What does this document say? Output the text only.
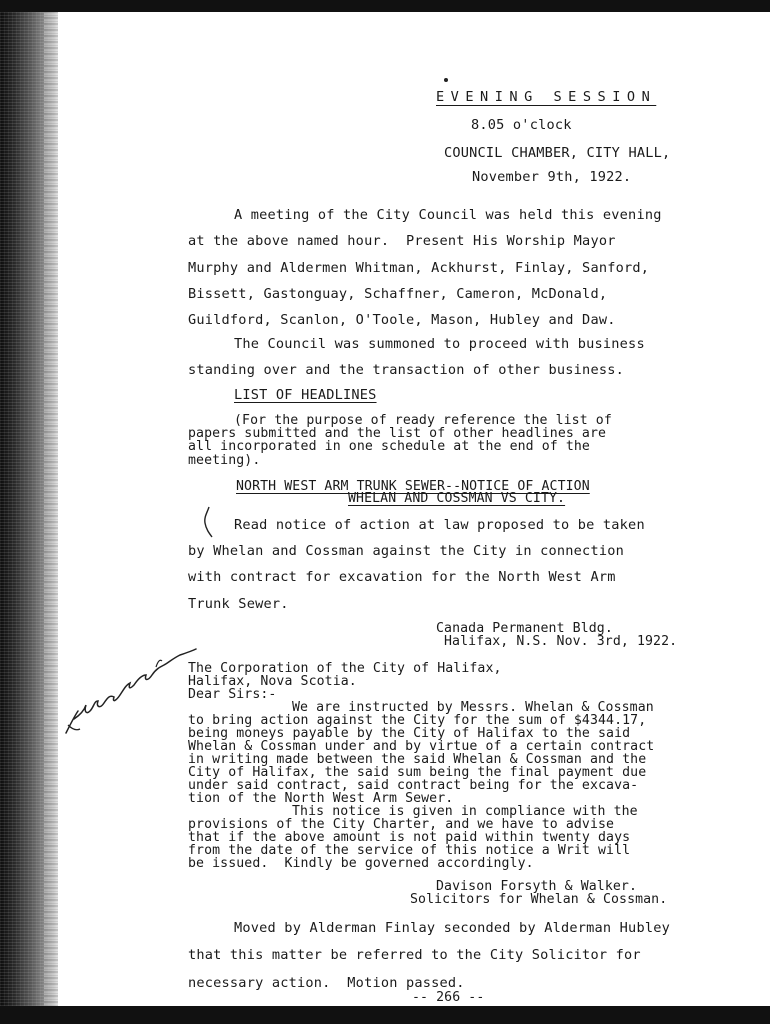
EVENING SESSION
8.05 o'clock
COUNCIL CHAMBER, CITY HALL,
November 9th, 1922.
A meeting of the City Council was held this evening
at the above named hour.  Present His Worship Mayor
Murphy and Aldermen Whitman, Ackhurst, Finlay, Sanford,
Bissett, Gastonguay, Schaffner, Cameron, McDonald,
Guildford, Scanlon, O'Toole, Mason, Hubley and Daw.
The Council was summoned to proceed with business
standing over and the transaction of other business.
LIST OF HEADLINES
(For the purpose of ready reference the list of
papers submitted and the list of other headlines are
all incorporated in one schedule at the end of the
meeting).
NORTH WEST ARM TRUNK SEWER--NOTICE OF ACTION
WHELAN AND COSSMAN VS CITY.
Read notice of action at law proposed to be taken
by Whelan and Cossman against the City in connection
with contract for excavation for the North West Arm
Trunk Sewer.
Canada Permanent Bldg.
Halifax, N.S. Nov. 3rd, 1922.
The Corporation of the City of Halifax,
Halifax, Nova Scotia.
Dear Sirs:-
We are instructed by Messrs. Whelan & Cossman
to bring action against the City for the sum of $4344.17,
being moneys payable by the City of Halifax to the said
Whelan & Cossman under and by virtue of a certain contract
in writing made between the said Whelan & Cossman and the
City of Halifax, the said sum being the final payment due
under said contract, said contract being for the excava-
tion of the North West Arm Sewer.
This notice is given in compliance with the
provisions of the City Charter, and we have to advise
that if the above amount is not paid within twenty days
from the date of the service of this notice a Writ will
be issued.  Kindly be governed accordingly.
Davison Forsyth & Walker.
Solicitors for Whelan & Cossman.
Moved by Alderman Finlay seconded by Alderman Hubley
that this matter be referred to the City Solicitor for
necessary action.  Motion passed.
-- 266 --
